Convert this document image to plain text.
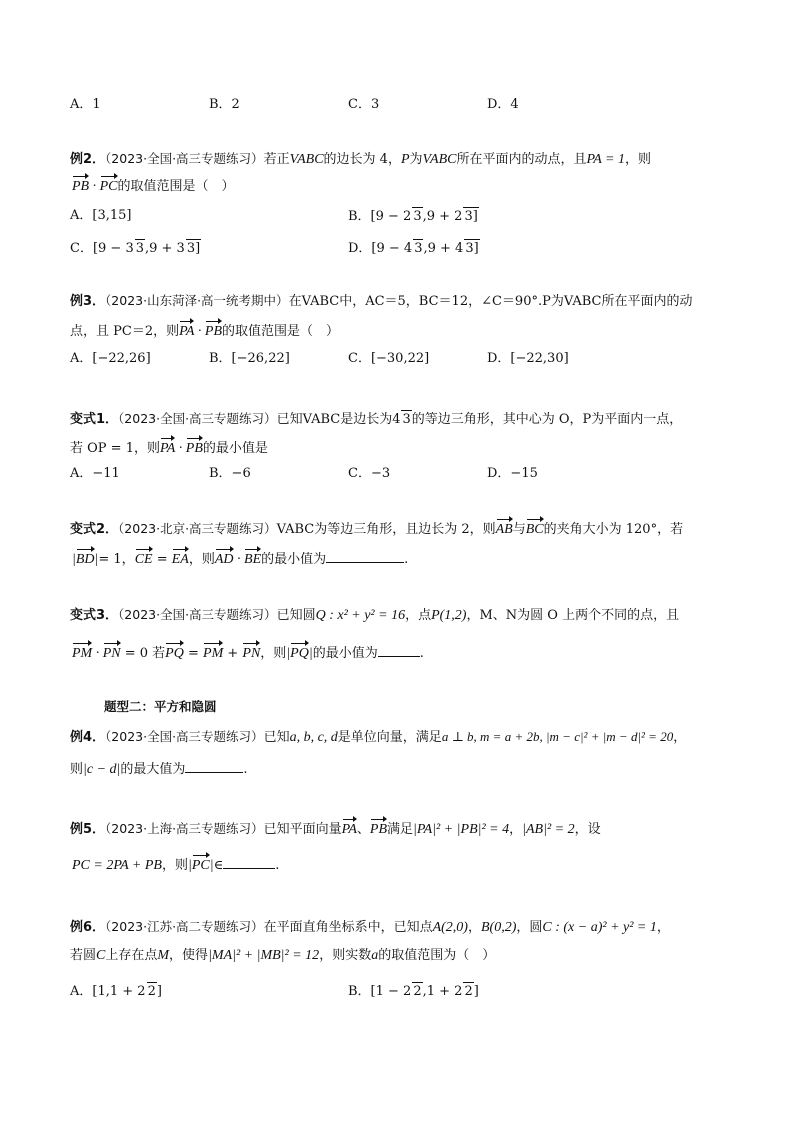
A．1	B．2	C．3	D．4
例2．（2023·全国·高三专题练习）若正VABC的边长为 4，P为VABC所在平面内的动点，且PA = 1，则
PB · PC的取值范围是（　）
A．[3,15]	B．[9 − 2 3,9 + 2 3]
C．[9 − 3 3,9 + 3 3]	D．[9 − 4 3,9 + 4 3]
例3．（2023·山东菏泽·高一统考期中）在VABC中，AC＝5，BC＝12，∠C＝90°.P为VABC所在平面内的动
点，且 PC＝2，则PA · PB的取值范围是（　）
A．[−22,26]	B．[−26,22]	C．[−30,22]	D．[−22,30]
变式1．（2023·全国·高三专题练习）已知VABC是边长为4 3的等边三角形，其中心为 O，P为平面内一点，
若 OP = 1，则PA · PB的最小值是
A．−11	B．−6	C．−3	D．−15
变式2．（2023·北京·高三专题练习）VABC为等边三角形，且边长为 2，则AB与BC的夹角大小为 120°，若
|BD|= 1，CE = EA，则AD · BE的最小值为	.
变式3．（2023·全国·高三专题练习）已知圆Q : x² + y² = 16，点P(1,2)，M、N为圆 O 上两个不同的点，且
PM · PN = 0 若PQ = PM + PN，则|PQ|的最小值为	.
题型二：平方和隐圆
例4．（2023·全国·高三专题练习）已知a, b, c, d是单位向量，满足a ⊥ b, m = a + 2b, |m − c|² + |m − d|² = 20，
则|c − d|的最大值为	.
例5．（2023·上海·高三专题练习）已知平面向量PA、PB满足|PA|² + |PB|² = 4，|AB|² = 2，设
PC = 2PA + PB，则|PC|∈	.
例6．（2023·江苏·高二专题练习）在平面直角坐标系中，已知点A(2,0)，B(0,2)，圆C : (x − a)² + y² = 1，
若圆C上存在点M，使得|MA|² + |MB|² = 12，则实数a的取值范围为（　）
A．[1,1 + 2 2]	B．[1 − 2 2,1 + 2 2]
